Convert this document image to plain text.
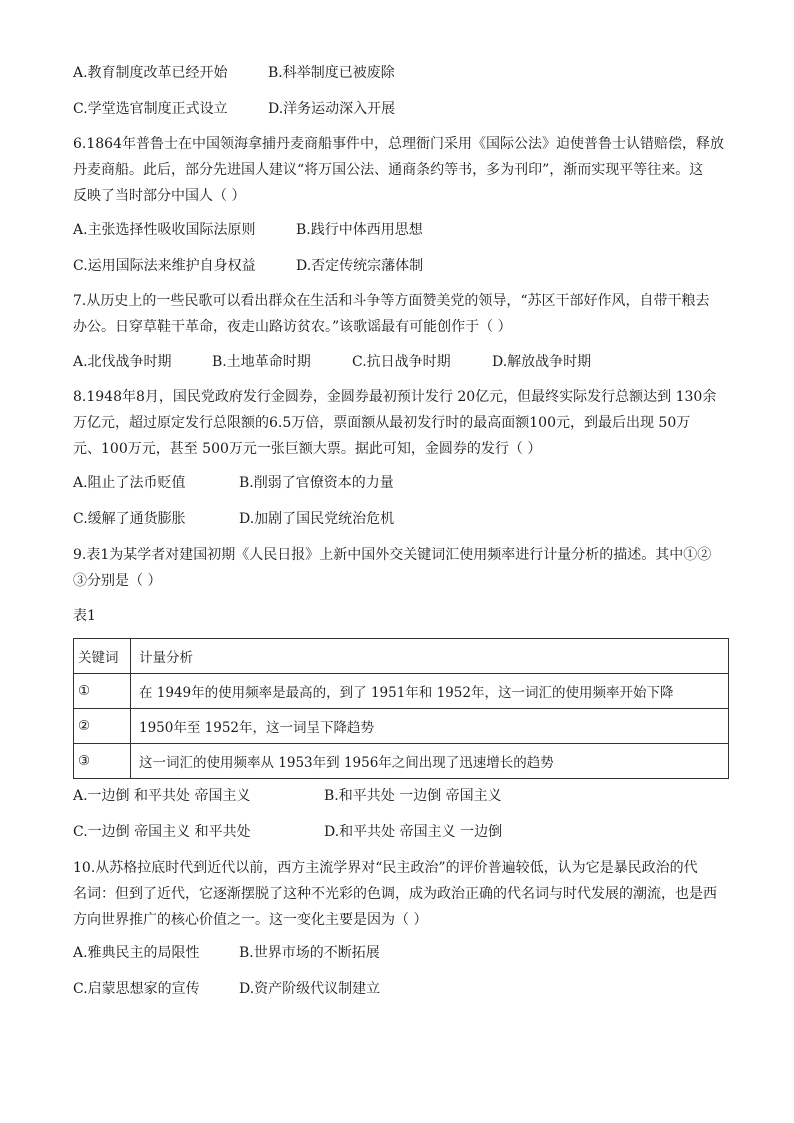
A.教育制度改革已经开始	B.科举制度已被废除
C.学堂选官制度正式设立	D.洋务运动深入开展
6.1864年普鲁士在中国领海拿捕丹麦商船事件中，总理衙门采用《国际公法》迫使普鲁士认错赔偿，释放
丹麦商船。此后，部分先进国人建议“将万国公法、通商条约等书，多为刊印”，渐而实现平等往来。这
反映了当时部分中国人（ ）
A.主张选择性吸收国际法原则	B.践行中体西用思想
C.运用国际法来维护自身权益	D.否定传统宗藩体制
7.从历史上的一些民歌可以看出群众在生活和斗争等方面赞美党的领导，“苏区干部好作风，自带干粮去
办公。日穿草鞋干革命，夜走山路访贫农。”该歌谣最有可能创作于（ ）
A.北伐战争时期	B.土地革命时期	C.抗日战争时期	D.解放战争时期
8.1948年8月，国民党政府发行金圆券，金圆券最初预计发行 20亿元，但最终实际发行总额达到 130余
万亿元，超过原定发行总限额的6.5万倍，票面额从最初发行时的最高面额100元，到最后出现 50万
元、100万元，甚至 500万元一张巨额大票。据此可知，金圆券的发行（ ）
A.阻止了法币贬值	B.削弱了官僚资本的力量
C.缓解了通货膨胀	D.加剧了国民党统治危机
9.表1为某学者对建国初期《人民日报》上新中国外交关键词汇使用频率进行计量分析的描述。其中①②
③分别是（ ）
表1
关键词	计量分析
①	在 1949年的使用频率是最高的，到了 1951年和 1952年，这一词汇的使用频率开始下降
②	1950年至 1952年，这一词呈下降趋势
③	这一词汇的使用频率从 1953年到 1956年之间出现了迅速增长的趋势
A.一边倒 和平共处 帝国主义	B.和平共处 一边倒 帝国主义
C.一边倒 帝国主义 和平共处	D.和平共处 帝国主义 一边倒
10.从苏格拉底时代到近代以前，西方主流学界对“民主政治”的评价普遍较低，认为它是暴民政治的代
名词：但到了近代，它逐渐摆脱了这种不光彩的色调，成为政治正确的代名词与时代发展的潮流，也是西
方向世界推广的核心价值之一。这一变化主要是因为（ ）
A.雅典民主的局限性	B.世界市场的不断拓展
C.启蒙思想家的宣传	D.资产阶级代议制建立
